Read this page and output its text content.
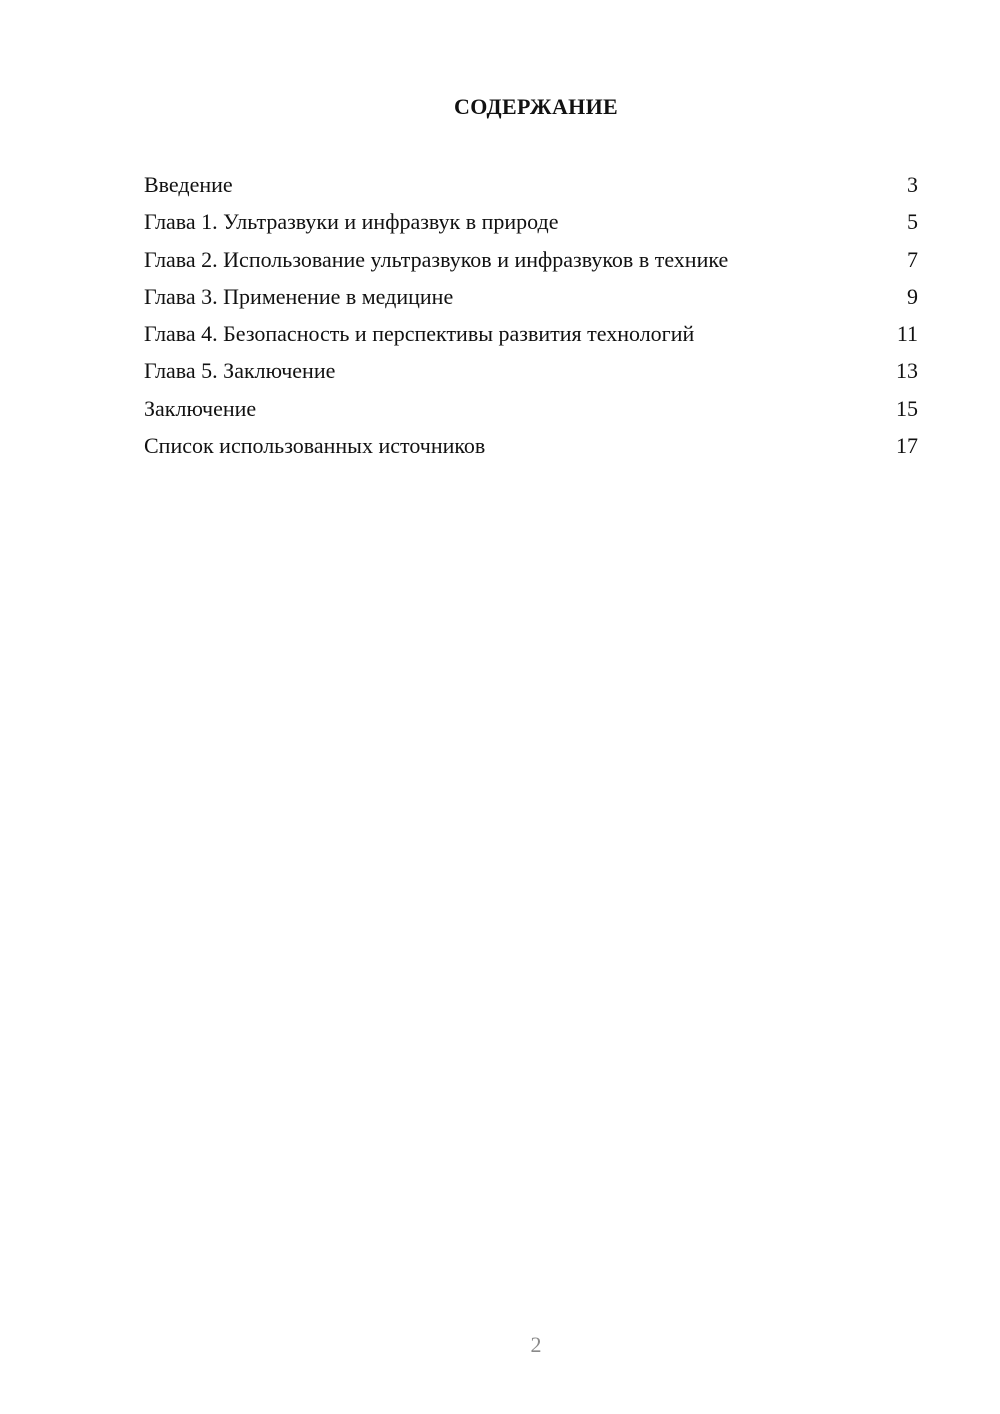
СОДЕРЖАНИЕ
Введение	3
Глава 1. Ультразвуки и инфразвук в природе	5
Глава 2. Использование ультразвуков и инфразвуков в технике	7
Глава 3. Применение в медицине	9
Глава 4. Безопасность и перспективы развития технологий	11
Глава 5. Заключение	13
Заключение	15
Список использованных источников	17
2
